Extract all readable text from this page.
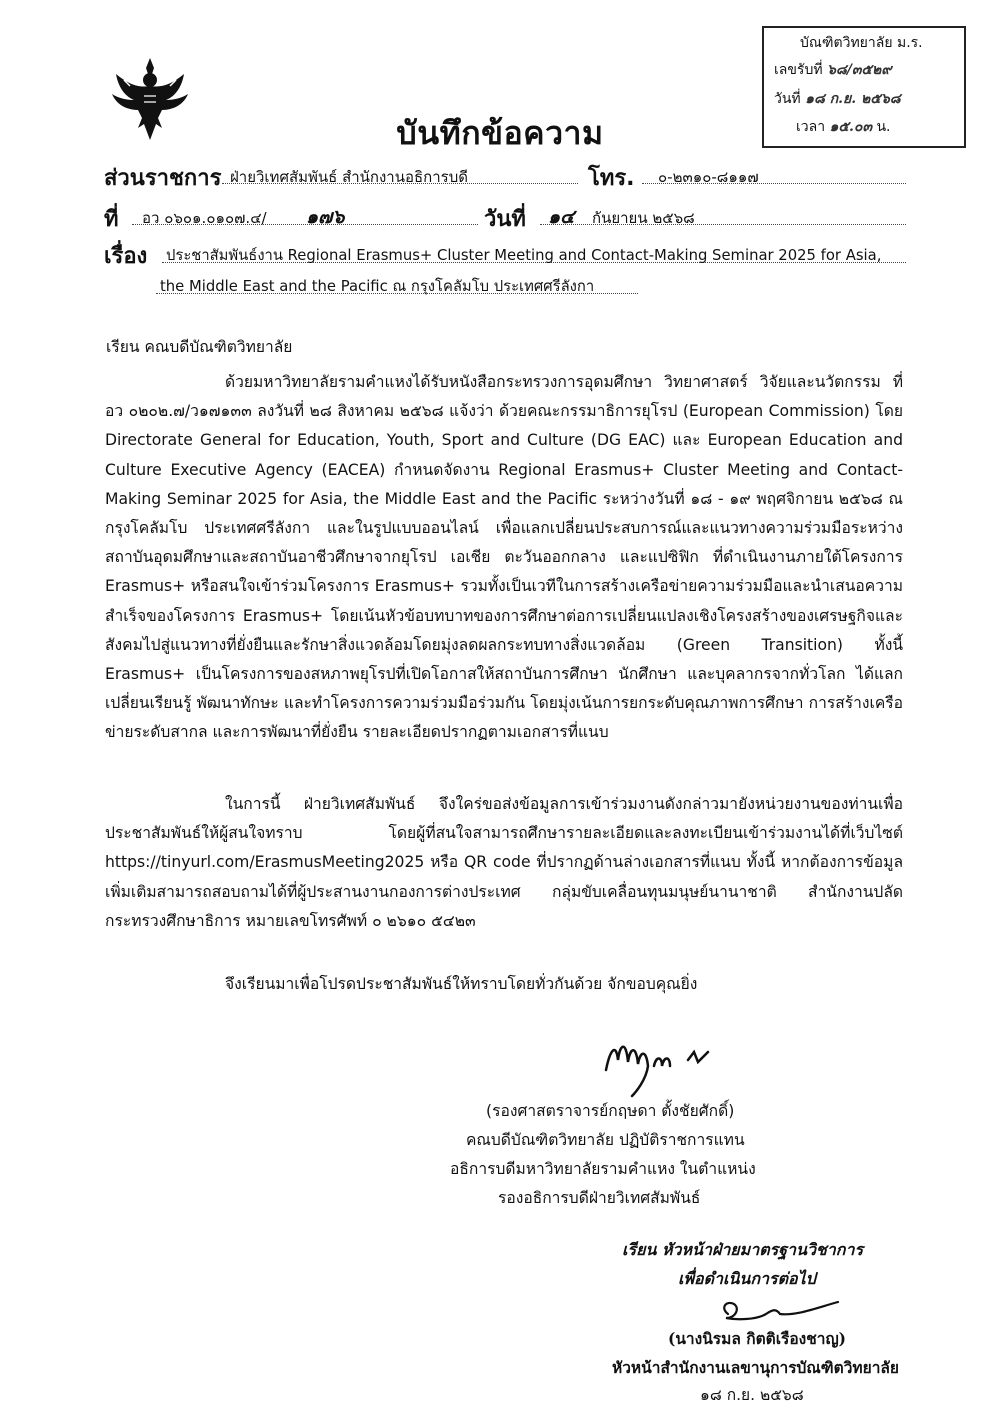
บัณฑิตวิทยาลัย ม.ร.
เลขรับที่ ๖๘/๓๕๒๙
วันที่ ๑๘ ก.ย. ๒๕๖๘
เวลา ๑๕.๐๓ น.
บันทึกข้อความ
ส่วนราชการ ฝ่ายวิเทศสัมพันธ์ สำนักงานอธิการบดี	โทร. ๐-๒๓๑๐-๘๑๑๗
ที่ อว ๐๖๐๑.๐๑๐๗.๔/ ๑๗๖	วันที่ ๑๔ กันยายน ๒๕๖๘
เรื่อง ประชาสัมพันธ์งาน Regional Erasmus+ Cluster Meeting and Contact-Making Seminar 2025 for Asia,
the Middle East and the Pacific ณ กรุงโคลัมโบ ประเทศศรีลังกา
เรียน คณบดีบัณฑิตวิทยาลัย
ด้วยมหาวิทยาลัยรามคำแหงได้รับหนังสือกระทรวงการอุดมศึกษา วิทยาศาสตร์ วิจัยและนวัตกรรม ที่ อว ๐๒๐๒.๗/ว๑๗๑๓๓ ลงวันที่ ๒๘ สิงหาคม ๒๕๖๘ แจ้งว่า ด้วยคณะกรรมาธิการยุโรป (European Commission) โดย Directorate General for Education, Youth, Sport and Culture (DG EAC) และ European Education and Culture Executive Agency (EACEA) กำหนดจัดงาน Regional Erasmus+ Cluster Meeting and Contact-Making Seminar 2025 for Asia, the Middle East and the Pacific ระหว่างวันที่ ๑๘ - ๑๙ พฤศจิกายน ๒๕๖๘ ณ กรุงโคลัมโบ ประเทศศรีลังกา และในรูปแบบออนไลน์ เพื่อแลกเปลี่ยนประสบการณ์และแนวทางความร่วมมือระหว่างสถาบันอุดมศึกษาและสถาบันอาชีวศึกษาจากยุโรป เอเชีย ตะวันออกกลาง และแปซิฟิก ที่ดำเนินงานภายใต้โครงการ Erasmus+ หรือสนใจเข้าร่วมโครงการ Erasmus+ รวมทั้งเป็นเวทีในการสร้างเครือข่ายความร่วมมือและนำเสนอความสำเร็จของโครงการ Erasmus+ โดยเน้นหัวข้อบทบาทของการศึกษาต่อการเปลี่ยนแปลงเชิงโครงสร้างของเศรษฐกิจและสังคมไปสู่แนวทางที่ยั่งยืนและรักษาสิ่งแวดล้อมโดยมุ่งลดผลกระทบทางสิ่งแวดล้อม (Green Transition) ทั้งนี้ Erasmus+ เป็นโครงการของสหภาพยุโรปที่เปิดโอกาสให้สถาบันการศึกษา นักศึกษา และบุคลากรจากทั่วโลก ได้แลกเปลี่ยนเรียนรู้ พัฒนาทักษะ และทำโครงการความร่วมมือร่วมกัน โดยมุ่งเน้นการยกระดับคุณภาพการศึกษา การสร้างเครือข่ายระดับสากล และการพัฒนาที่ยั่งยืน รายละเอียดปรากฏตามเอกสารที่แนบ
ในการนี้ ฝ่ายวิเทศสัมพันธ์ จึงใคร่ขอส่งข้อมูลการเข้าร่วมงานดังกล่าวมายังหน่วยงานของท่านเพื่อประชาสัมพันธ์ให้ผู้สนใจทราบ โดยผู้ที่สนใจสามารถศึกษารายละเอียดและลงทะเบียนเข้าร่วมงานได้ที่เว็บไซต์ https://tinyurl.com/ErasmusMeeting2025 หรือ QR code ที่ปรากฏด้านล่างเอกสารที่แนบ ทั้งนี้ หากต้องการข้อมูลเพิ่มเติมสามารถสอบถามได้ที่ผู้ประสานงานกองการต่างประเทศ กลุ่มขับเคลื่อนทุนมนุษย์นานาชาติ สำนักงานปลัดกระทรวงศึกษาธิการ หมายเลขโทรศัพท์ ๐ ๒๖๑๐ ๕๔๒๓
จึงเรียนมาเพื่อโปรดประชาสัมพันธ์ให้ทราบโดยทั่วกันด้วย จักขอบคุณยิ่ง
(รองศาสตราจารย์กฤษดา ตั้งชัยศักดิ์)
คณบดีบัณฑิตวิทยาลัย ปฏิบัติราชการแทน
อธิการบดีมหาวิทยาลัยรามคำแหง ในตำแหน่ง
รองอธิการบดีฝ่ายวิเทศสัมพันธ์
เรียน หัวหน้าฝ่ายมาตรฐานวิชาการ
เพื่อดำเนินการต่อไป
(นางนิรมล กิตติเรืองชาญ)
หัวหน้าสำนักงานเลขานุการบัณฑิตวิทยาลัย
๑๘ ก.ย. ๒๕๖๘
